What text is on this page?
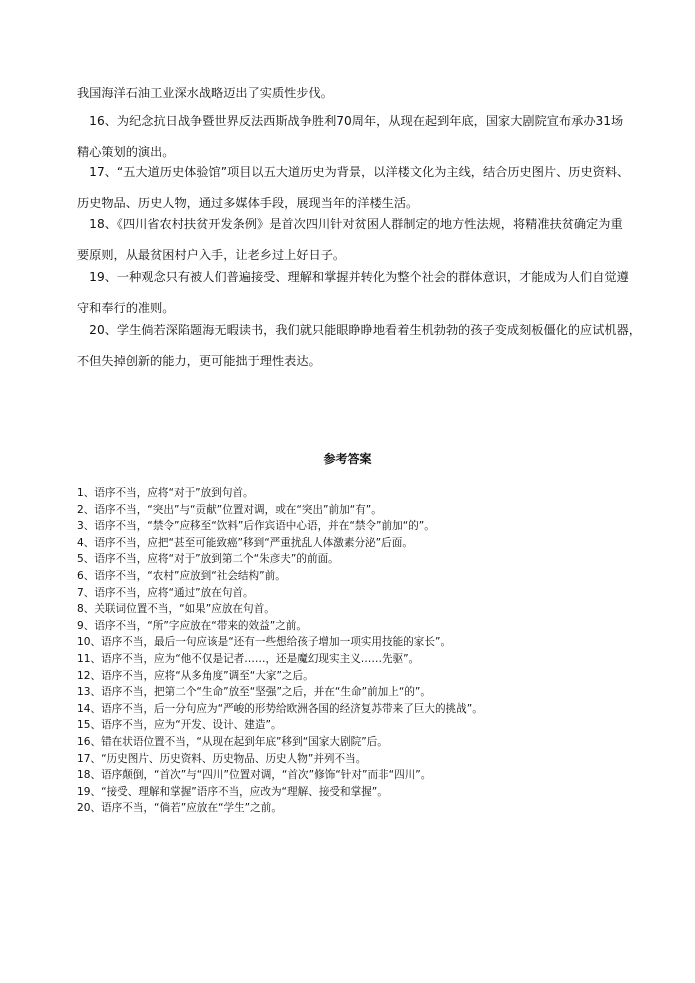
我国海洋石油工业深水战略迈出了实质性步伐。
　16、为纪念抗日战争暨世界反法西斯战争胜利70周年，从现在起到年底，国家大剧院宣布承办31场
精心策划的演出。
　17、“五大道历史体验馆”项目以五大道历史为背景，以洋楼文化为主线，结合历史图片、历史资料、
历史物品、历史人物，通过多媒体手段，展现当年的洋楼生活。
　18、《四川省农村扶贫开发条例》是首次四川针对贫困人群制定的地方性法规，将精准扶贫确定为重
要原则，从最贫困村户入手，让老乡过上好日子。
　19、一种观念只有被人们普遍接受、理解和掌握并转化为整个社会的群体意识，才能成为人们自觉遵
守和奉行的准则。
　20、学生倘若深陷题海无暇读书，我们就只能眼睁睁地看着生机勃勃的孩子变成刻板僵化的应试机器，
不但失掉创新的能力，更可能拙于理性表达。
参考答案
1、语序不当，应将“对于”放到句首。
2、语序不当，“突出”与“贡献”位置对调，或在“突出”前加“有”。
3、语序不当，“禁令”应移至“饮料”后作宾语中心语，并在“禁令”前加“的”。
4、语序不当，应把“甚至可能致癌”移到“严重扰乱人体激素分泌”后面。
5、语序不当，应将“对于”放到第二个“朱彦夫”的前面。
6、语序不当，“农村”应放到“社会结构”前。
7、语序不当，应将“通过”放在句首。
8、关联词位置不当，“如果”应放在句首。
9、语序不当，“所”字应放在“带来的效益”之前。
10、语序不当，最后一句应该是“还有一些想给孩子增加一项实用技能的家长”。
11、语序不当，应为“他不仅是记者……，还是魔幻现实主义……先驱”。
12、语序不当，应将“从多角度”调至“大家”之后。
13、语序不当，把第二个“生命”放至“坚强”之后，并在“生命”前加上“的”。
14、语序不当，后一分句应为“严峻的形势给欧洲各国的经济复苏带来了巨大的挑战”。
15、语序不当，应为“开发、设计、建造”。
16、错在状语位置不当，“从现在起到年底”移到“国家大剧院”后。
17、“历史图片、历史资料、历史物品、历史人物”并列不当。
18、语序颠倒，“首次”与“四川”位置对调，“首次”修饰“针对”而非“四川”。
19、“接受、理解和掌握”语序不当，应改为“理解、接受和掌握”。
20、语序不当，“倘若”应放在“学生”之前。
